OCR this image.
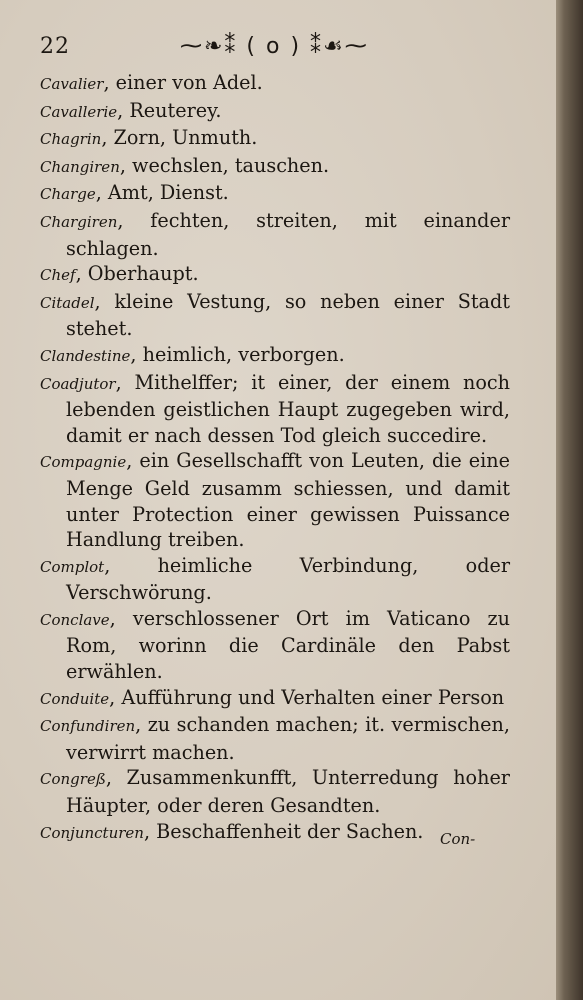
22	⁓❧⁑ ( o ) ⁑☙⁓

Cavalier, einer von Adel.

Cavallerie, Reuterey.

Chagrin, Zorn, Unmuth.

Changiren, wechslen, tauschen.

Charge, Amt, Dienst.

Chargiren, fechten, streiten, mit einander schlagen.

Chef, Oberhaupt.

Citadel, kleine Vestung, so neben einer Stadt stehet.

Clandestine, heimlich, verborgen.

Coadjutor, Mithelffer; it einer, der einem noch lebenden geistlichen Haupt zugegeben wird, damit er nach dessen Tod gleich succedire.

Compagnie, ein Gesellschafft von Leuten, die eine Menge Geld zusamm schiessen, und damit unter Protection einer gewissen Puissance Handlung treiben.

Complot, heimliche Verbindung, oder Verschwörung.

Conclave, verschlossener Ort im Vaticano zu Rom, worinn die Cardinäle den Pabst erwählen.

Conduite, Aufführung und Verhalten einer Person

Confundiren, zu schanden machen; it. vermischen, verwirrt machen.

Congreß, Zusammenkunfft, Unterredung hoher Häupter, oder deren Gesandten.

Conjuncturen, Beschaffenheit der Sachen.	Con-
